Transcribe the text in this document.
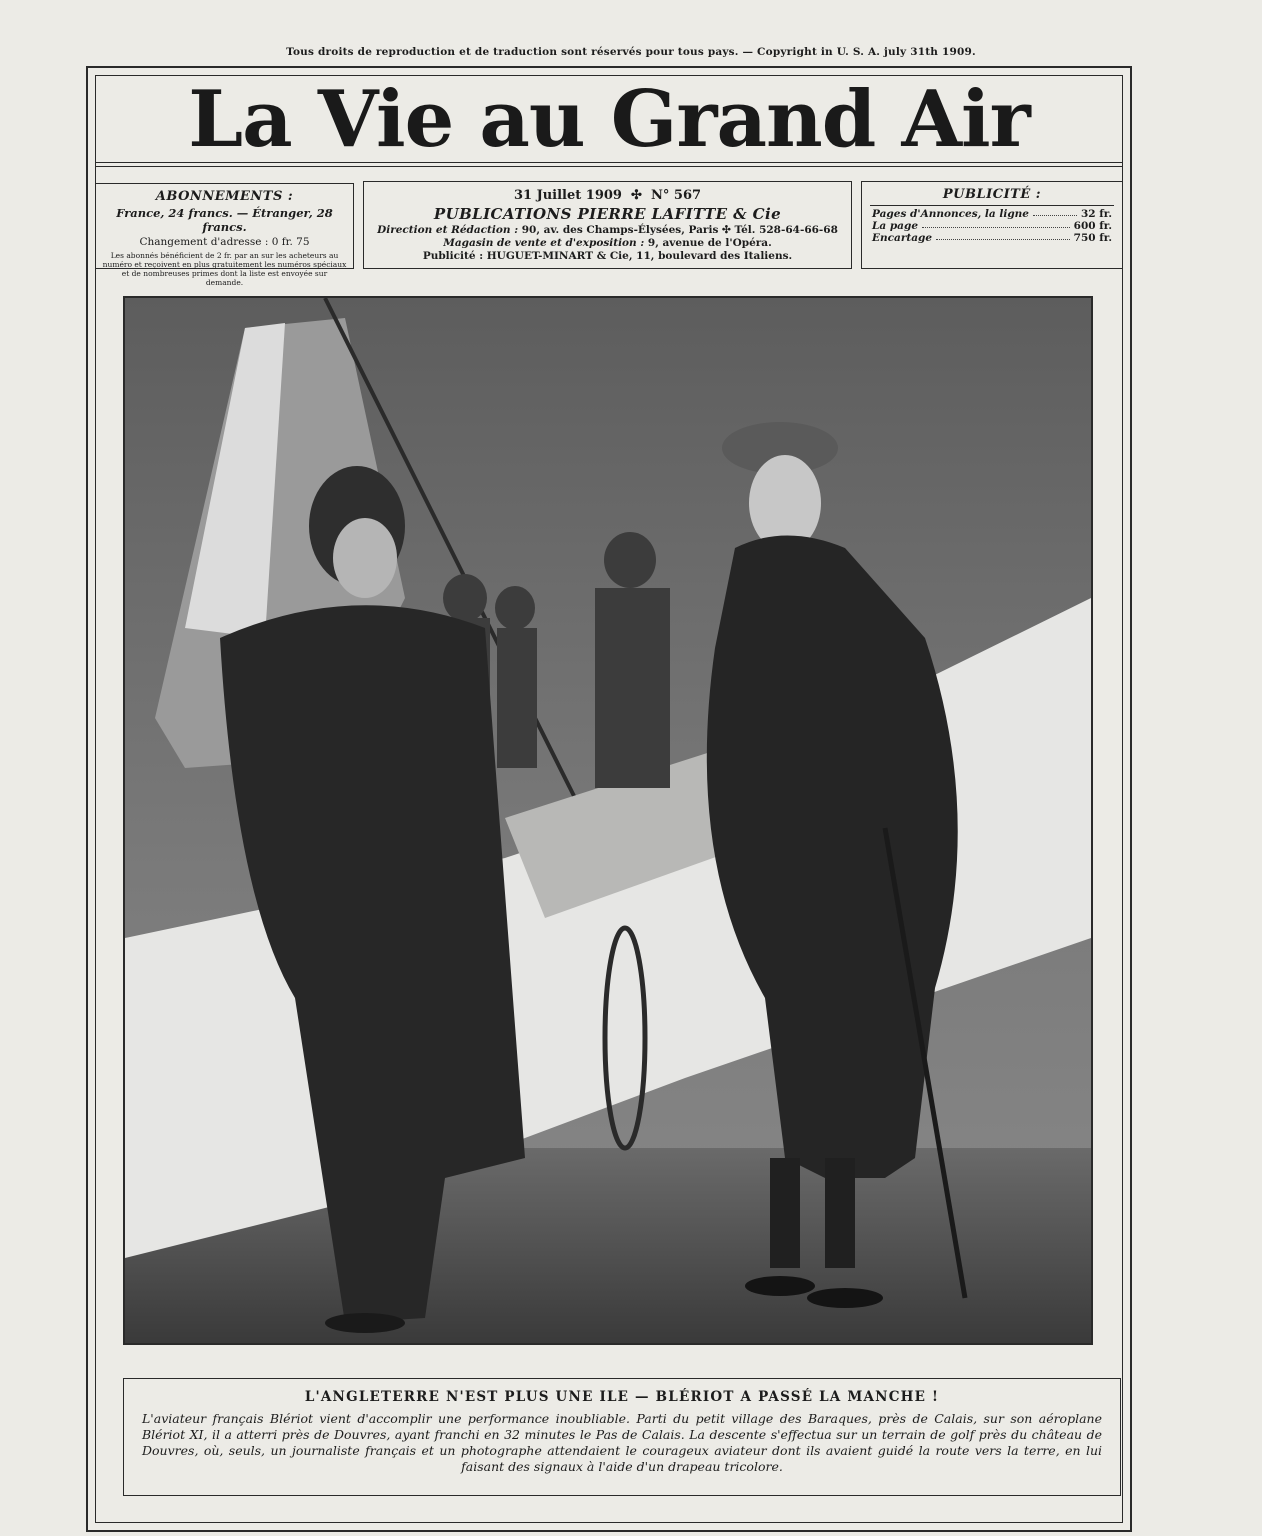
Tous droits de reproduction et de traduction sont réservés pour tous pays. — Copyright in U. S. A. july 31th 1909.
La Vie au Grand Air
ABONNEMENTS :
France, 24 francs. — Étranger, 28 francs.
Changement d'adresse : 0 fr. 75
Les abonnés bénéficient de 2 fr. par an sur les acheteurs au numéro et reçoivent en plus gratuitement les numéros spéciaux et de nombreuses primes dont la liste est envoyée sur demande.
31 Juillet 1909  ✣  N° 567
PUBLICATIONS PIERRE LAFITTE & Cie
Direction et Rédaction : 90, av. des Champs-Élysées, Paris ✣ Tél. 528-64-66-68
Magasin de vente et d'exposition : 9, avenue de l'Opéra.
Publicité : HUGUET-MINART & Cie, 11, boulevard des Italiens.
PUBLICITÉ :
Pages d'Annonces, la ligne	32 fr.
La page	600 fr.
Encartage	750 fr.
L'ANGLETERRE N'EST PLUS UNE ILE — BLÉRIOT A PASSÉ LA MANCHE !
L'aviateur français Blériot vient d'accomplir une performance inoubliable. Parti du petit village des Baraques, près de Calais, sur son aéroplane Blériot XI, il a atterri près de Douvres, ayant franchi en 32 minutes le Pas de Calais. La descente s'effectua sur un terrain de golf près du château de Douvres, où, seuls, un journaliste français et un photographe attendaient le courageux aviateur dont ils avaient guidé la route vers la terre, en lui faisant des signaux à l'aide d'un drapeau tricolore.
